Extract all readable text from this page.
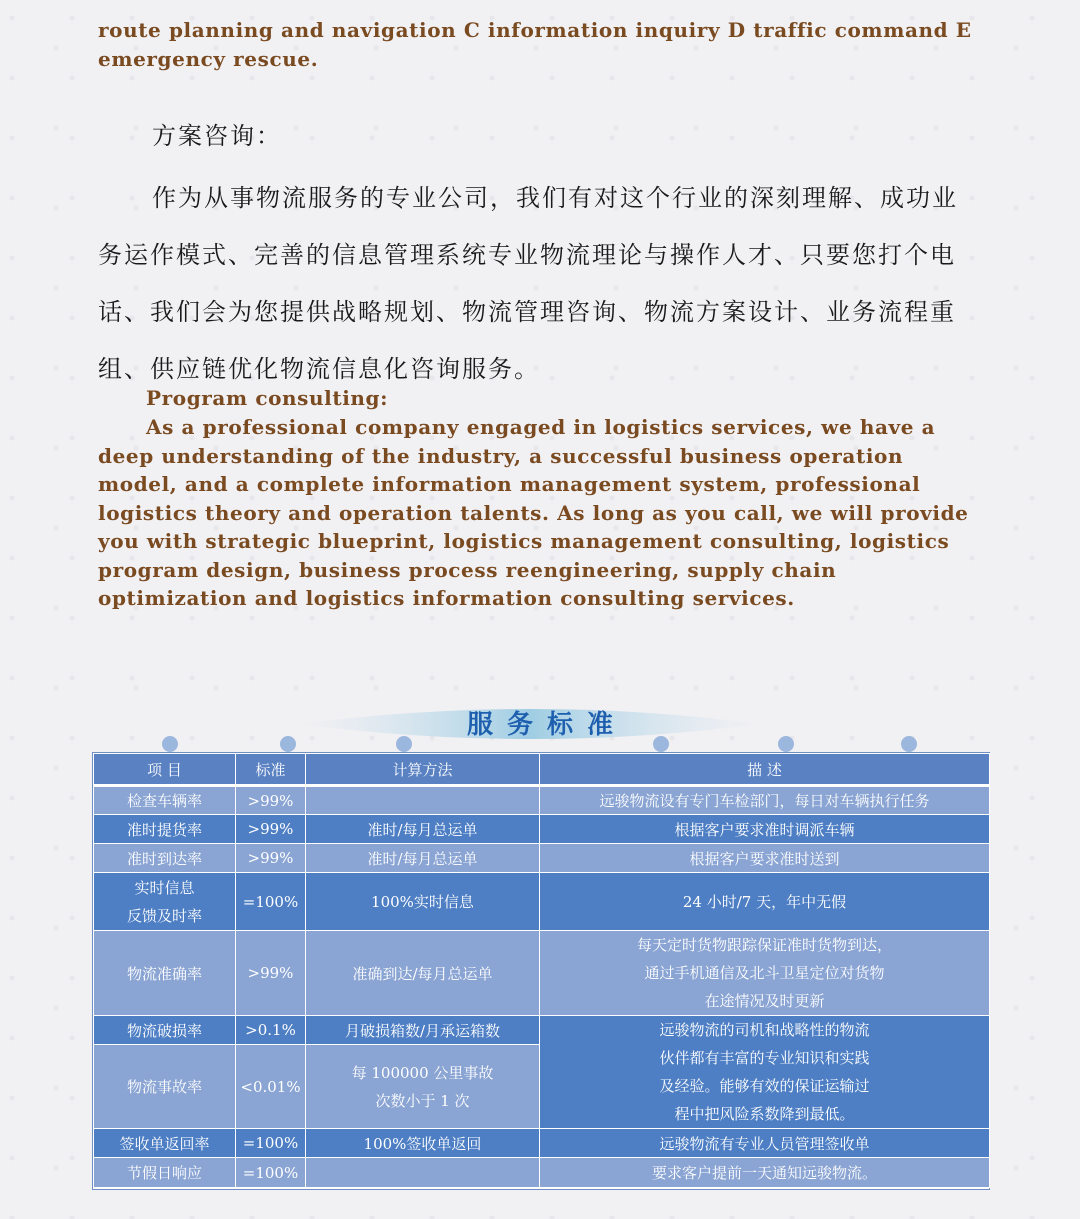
route planning and navigation C information inquiry D traffic command E emergency rescue.

方案咨询：

作为从事物流服务的专业公司，我们有对这个行业的深刻理解、成功业务运作模式、完善的信息管理系统专业物流理论与操作人才、只要您打个电话、我们会为您提供战略规划、物流管理咨询、物流方案设计、业务流程重组、供应链优化物流信息化咨询服务。

Program consulting:

As a professional company engaged in logistics services, we have a deep understanding of the industry, a successful business operation model, and a complete information management system, professional logistics theory and operation talents. As long as you call, we will provide you with strategic blueprint, logistics management consulting, logistics program design, business process reengineering, supply chain optimization and logistics information consulting services.

服务标准
项 目	标准	计算方法	描 述
检查车辆率	>99%		远骏物流设有专门车检部门，每日对车辆执行任务
准时提货率	>99%	准时/每月总运单	根据客户要求准时调派车辆
准时到达率	>99%	准时/每月总运单	根据客户要求准时送到

实时信息
反馈及时率	=100%	100%实时信息	24 小时/7 天，年中无假
物流准确率	>99%	准确到达/每月总运单	每天定时货物跟踪保证准时货物到达，
通过手机通信及北斗卫星定位对货物
在途情况及时更新

物流破损率	>0.1%	月破损箱数/月承运箱数	远骏物流的司机和战略性的物流
伙伴都有丰富的专业知识和实践
及经验。能够有效的保证运输过
程中把风险系数降到最低。

物流事故率	<0.01%	每 100000 公里事故
次数小于 1 次	

签收单返回率	=100%	100%签收单返回	远骏物流有专业人员管理签收单
节假日响应	=100%		要求客户提前一天通知远骏物流。
